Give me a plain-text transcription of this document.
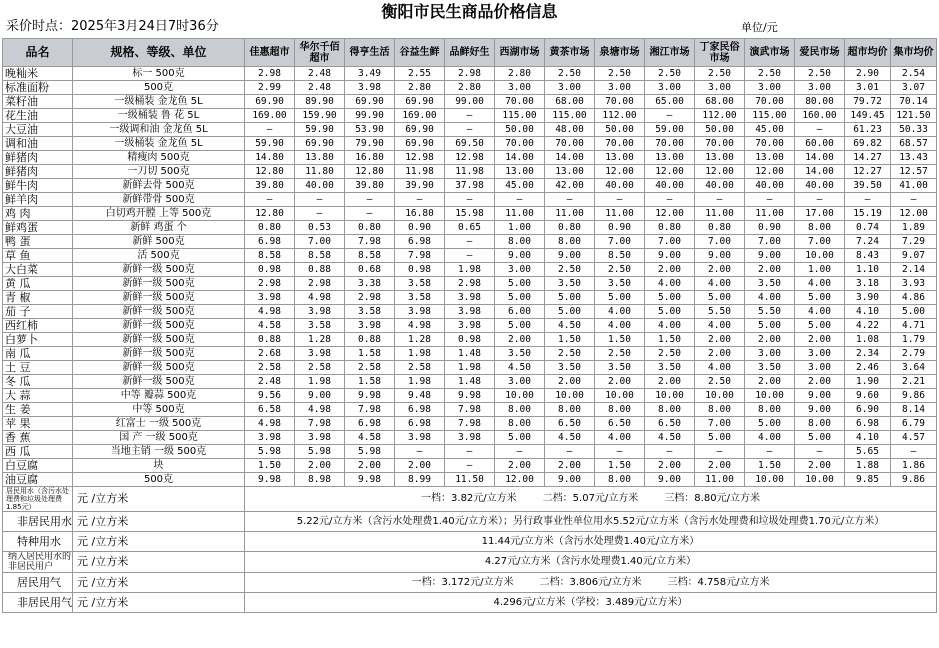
衡阳市民生商品价格信息
采价时点：2025年3月24日7时36分	单位/元
品名	规格、等级、单位	佳惠超市	华尔千佰超市	得亨生活	谷益生鲜	品鲜好生	西湖市场	黄茶市场	泉塘市场	湘江市场	丁家民俗市场	演武市场	爱民市场	超市均价	集市均价
晚籼米	标一 500克	2.98	2.48	3.49	2.55	2.98	2.80	2.50	2.50	2.50	2.50	2.50	2.50	2.90	2.54
标准面粉	500克	2.99	2.48	3.98	2.80	2.80	3.00	3.00	3.00	3.00	3.00	3.00	3.00	3.01	3.07
菜籽油	一级桶装 金龙鱼 5L	69.90	89.90	69.90	69.90	99.00	70.00	68.00	70.00	65.00	68.00	70.00	80.00	79.72	70.14
花生油	一级桶装 鲁 花 5L	169.00	159.90	99.90	169.00	—	115.00	115.00	112.00	—	112.00	115.00	160.00	149.45	121.50
大豆油	一级调和油 金龙鱼 5L	—	59.90	53.90	69.90	—	50.00	48.00	50.00	59.00	50.00	45.00	—	61.23	50.33
调和油	一级桶装 金龙鱼 5L	59.90	69.90	79.90	69.90	69.50	70.00	70.00	70.00	70.00	70.00	70.00	60.00	69.82	68.57
鲜猪肉	精瘦肉 500克	14.80	13.80	16.80	12.98	12.98	14.00	14.00	13.00	13.00	13.00	13.00	14.00	14.27	13.43
鲜猪肉	一刀切 500克	12.80	11.80	12.80	11.98	11.98	13.00	13.00	12.00	12.00	12.00	12.00	14.00	12.27	12.57
鲜牛肉	新鲜去骨 500克	39.80	40.00	39.80	39.90	37.98	45.00	42.00	40.00	40.00	40.00	40.00	40.00	39.50	41.00
鲜羊肉	新鲜带骨 500克	—	—	—	—	—	—	—	—	—	—	—	—	—	—
鸡 肉	白切鸡开膛 上等 500克	12.80	—	—	16.80	15.98	11.00	11.00	11.00	12.00	11.00	11.00	17.00	15.19	12.00
鲜鸡蛋	新鲜 鸡蛋 个	0.80	0.53	0.80	0.90	0.65	1.00	0.80	0.90	0.80	0.80	0.90	8.00	0.74	1.89
鸭 蛋	新鲜 500克	6.98	7.00	7.98	6.98	—	8.00	8.00	7.00	7.00	7.00	7.00	7.00	7.24	7.29
草 鱼	活 500克	8.58	8.58	8.58	7.98	—	9.00	9.00	8.50	9.00	9.00	9.00	10.00	8.43	9.07
大白菜	新鲜一级 500克	0.98	0.88	0.68	0.98	1.98	3.00	2.50	2.50	2.00	2.00	2.00	1.00	1.10	2.14
黄 瓜	新鲜一级 500克	2.98	2.98	3.38	3.58	2.98	5.00	3.50	3.50	4.00	4.00	3.50	4.00	3.18	3.93
青 椒	新鲜一级 500克	3.98	4.98	2.98	3.58	3.98	5.00	5.00	5.00	5.00	5.00	4.00	5.00	3.90	4.86
茄 子	新鲜一级 500克	4.98	3.98	3.58	3.98	3.98	6.00	5.00	4.00	5.00	5.50	5.50	4.00	4.10	5.00
西红柿	新鲜一级 500克	4.58	3.58	3.98	4.98	3.98	5.00	4.50	4.00	4.00	4.00	5.00	5.00	4.22	4.71
白萝卜	新鲜一级 500克	0.88	1.28	0.88	1.28	0.98	2.00	1.50	1.50	1.50	2.00	2.00	2.00	1.08	1.79
南 瓜	新鲜一级 500克	2.68	3.98	1.58	1.98	1.48	3.50	2.50	2.50	2.50	2.00	3.00	3.00	2.34	2.79
土 豆	新鲜一级 500克	2.58	2.58	2.58	2.58	1.98	4.50	3.50	3.50	3.50	4.00	3.50	3.00	2.46	3.64
冬 瓜	新鲜一级 500克	2.48	1.98	1.58	1.98	1.48	3.00	2.00	2.00	2.00	2.50	2.00	2.00	1.90	2.21
大 蒜	中等 瓣蒜 500克	9.56	9.00	9.98	9.48	9.98	10.00	10.00	10.00	10.00	10.00	10.00	9.00	9.60	9.86
生 姜	中等 500克	6.58	4.98	7.98	6.98	7.98	8.00	8.00	8.00	8.00	8.00	8.00	9.00	6.90	8.14
苹 果	红富士 一级 500克	4.98	7.98	6.98	6.98	7.98	8.00	6.50	6.50	6.50	7.00	5.00	8.00	6.98	6.79
香 蕉	国 产 一级 500克	3.98	3.98	4.58	3.98	3.98	5.00	4.50	4.00	4.50	5.00	4.00	5.00	4.10	4.57
西 瓜	当地主销 一级 500克	5.98	5.98	5.98	—	—	—	—	—	—	—	—	—	5.65	—
白豆腐	块	1.50	2.00	2.00	2.00	—	2.00	2.00	1.50	2.00	2.00	1.50	2.00	1.88	1.86
油豆腐	500克	9.98	8.98	9.98	8.99	11.50	12.00	9.00	8.00	9.00	11.00	10.00	10.00	9.85	9.86
居民用水（含污水处理费和垃圾处理费1.85元）	元 /立方米	一档：3.82元/立方米 二档：5.07元/立方米 三档：8.80元/立方米													
非居民用水	元 /立方米	5.22元/立方米（含污水处理费1.40元/立方米）；另行政事业性单位用水5.52元/立方米（含污水处理费和垃圾处理费1.70元/立方米）													
特种用水	元 /立方米	11.44元/立方米（含污水处理费1.40元/立方米）													
纳入居民用水的非居民用户	元 /立方米	4.27元/立方米（含污水处理费1.40元/立方米）													
居民用气	元 /立方米	一档：3.172元/立方米 二档：3.806元/立方米 三档：4.758元/立方米													
非居民用气	元 /立方米	4.296元/立方米（学校：3.489元/立方米）													
